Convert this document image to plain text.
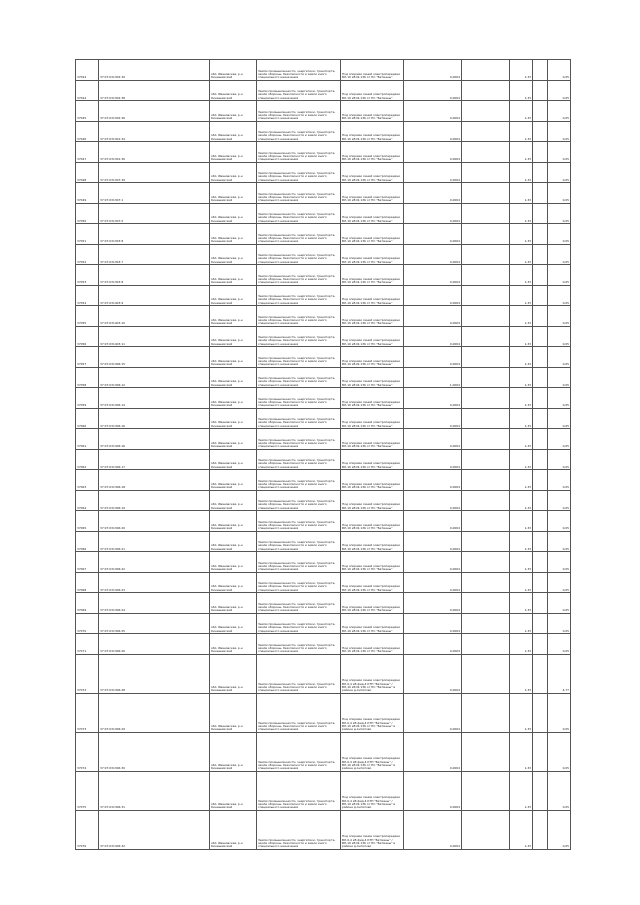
37044	37:07:031302:39	обл. Ивановская, р-н Кинешемский	Земли промышленности, энергетики, транспорта, земли обороны, безопасности и земли иного специального назначения	Под опорами линий электропередачи ВЛ-10 кВ № 136 от ПС "Батманы"	0,0004		1,33		0,05
37044	37:07:031302:38	обл. Ивановская, р-н Кинешемский	Земли промышленности, энергетики, транспорта, земли обороны, безопасности и земли иного специального назначения	Под опорами линий электропередачи ВЛ-10 кВ № 136 от ПС "Батманы"	0,0004		1,33		0,05
37045	37:07:031302:36	обл. Ивановская, р-н Кинешемский	Земли промышленности, энергетики, транспорта, земли обороны, безопасности и земли иного специального назначения	Под опорами линий электропередачи ВЛ-10 кВ № 136 от ПС "Батманы"	0,0004		1,33		0,05
37046	37:07:031301:34	обл. Ивановская, р-н Кинешемский	Земли промышленности, энергетики, транспорта, земли обороны, безопасности и земли иного специального назначения	Под опорами линий электропередачи ВЛ-10 кВ № 136 от ПС "Батманы"	0,0004		1,33		0,05
37047	37:07:031301:36	обл. Ивановская, р-н Кинешемский	Земли промышленности, энергетики, транспорта, земли обороны, безопасности и земли иного специального назначения	Под опорами линий электропередачи ВЛ-10 кВ № 136 от ПС "Батманы"	0,0004		1,33		0,05
37048	37:07:031307:39	обл. Ивановская, р-н Кинешемский	Земли промышленности, энергетики, транспорта, земли обороны, безопасности и земли иного специального назначения	Под опорами линий электропередачи ВЛ-10 кВ № 136 от ПС "Батманы"	0,0004		1,33		0,05
37049	37:07:031307:1	обл. Ивановская, р-н Кинешемский	Земли промышленности, энергетики, транспорта, земли обороны, безопасности и земли иного специального назначения	Под опорами линий электропередачи ВЛ-10 кВ № 136 от ПС "Батманы"	0,0004		1,33		0,05
37050	37:07:031307:5	обл. Ивановская, р-н Кинешемский	Земли промышленности, энергетики, транспорта, земли обороны, безопасности и земли иного специального назначения	Под опорами линий электропередачи ВЛ-10 кВ № 136 от ПС "Батманы"	0,0004		1,33		0,05
37051	37:07:031303:8	обл. Ивановская, р-н Кинешемский	Земли промышленности, энергетики, транспорта, земли обороны, безопасности и земли иного специального назначения	Под опорами линий электропередачи ВЛ-10 кВ № 136 от ПС "Батманы"	0,0004		1,33		0,05
37052	37:07:031303:7	обл. Ивановская, р-н Кинешемский	Земли промышленности, энергетики, транспорта, земли обороны, безопасности и земли иного специального назначения	Под опорами линий электропередачи ВЛ-10 кВ № 136 от ПС "Батманы"	0,0004		1,33		0,05
37053	37:07:031303:8	обл. Ивановская, р-н Кинешемский	Земли промышленности, энергетики, транспорта, земли обороны, безопасности и земли иного специального назначения	Под опорами линий электропередачи ВЛ-10 кВ № 136 от ПС "Батманы"	0,0004		1,33		0,05
37054	37:07:031403:9	обл. Ивановская, р-н Кинешемский	Земли промышленности, энергетики, транспорта, земли обороны, безопасности и земли иного специального назначения	Под опорами линий электропередачи ВЛ-10 кВ № 136 от ПС "Батманы"	0,0004		1,33		0,05
37055	37:07:031403:10	обл. Ивановская, р-н Кинешемский	Земли промышленности, энергетики, транспорта, земли обороны, безопасности и земли иного специального назначения	Под опорами линий электропередачи ВЛ-10 кВ № 136 от ПС "Батманы"	0,0004		1,33		0,05
37056	37:07:031403:11	обл. Ивановская, р-н Кинешемский	Земли промышленности, энергетики, транспорта, земли обороны, безопасности и земли иного специального назначения	Под опорами линий электропередачи ВЛ-10 кВ № 136 от ПС "Батманы"	0,0004		1,33		0,05
37057	37:07:031306:15	обл. Ивановская, р-н Кинешемский	Земли промышленности, энергетики, транспорта, земли обороны, безопасности и земли иного специального назначения	Под опорами линий электропередачи ВЛ-10 кВ № 136 от ПС "Батманы"	0,0004		1,33		0,05
37058	37:07:031306:12	обл. Ивановская, р-н Кинешемский	Земли промышленности, энергетики, транспорта, земли обороны, безопасности и земли иного специального назначения	Под опорами линий электропередачи ВЛ-10 кВ № 136 от ПС "Батманы"	1,0004		1,33		0,05
37059	37:07:031306:14	обл. Ивановская, р-н Кинешемский	Земли промышленности, энергетики, транспорта, земли обороны, безопасности и земли иного специального назначения	Под опорами линий электропередачи ВЛ-10 кВ № 136 от ПС "Батманы"	0,0004		1,33		0,05
37060	37:07:031306:16	обл. Ивановская, р-н Кинешемский	Земли промышленности, энергетики, транспорта, земли обороны, безопасности и земли иного специального назначения	Под опорами линий электропередачи ВЛ-10 кВ № 136 от ПС "Батманы"	0,0004		1,33		0,05
37061	37:07:031306:16	обл. Ивановская, р-н Кинешемский	Земли промышленности, энергетики, транспорта, земли обороны, безопасности и земли иного специального назначения	Под опорами линий электропередачи ВЛ-10 кВ № 136 от ПС "Батманы"	0,0004		1,33		0,05
37062	37:07:031306:17	обл. Ивановская, р-н Кинешемский	Земли промышленности, энергетики, транспорта, земли обороны, безопасности и земли иного специального назначения	Под опорами линий электропередачи ВЛ-10 кВ № 136 от ПС "Батманы"	0,0004		1,33		0,05
37063	37:07:031306:18	обл. Ивановская, р-н Кинешемский	Земли промышленности, энергетики, транспорта, земли обороны, безопасности и земли иного специального назначения	Под опорами линий электропередачи ВЛ-10 кВ № 136 от ПС "Батманы"	0,0004		1,33		0,05
37064	37:07:031306:19	обл. Ивановская, р-н Кинешемский	Земли промышленности, энергетики, транспорта, земли обороны, безопасности и земли иного специального назначения	Под опорами линий электропередачи ВЛ-10 кВ № 136 от ПС "Батманы"	0,0004		1,33		0,05
37065	37:07:031306:20	обл. Ивановская, р-н Кинешемский	Земли промышленности, энергетики, транспорта, земли обороны, безопасности и земли иного специального назначения	Под опорами линий электропередачи ВЛ-10 кВ № 136 от ПС "Батманы"	0,0004		1,33		0,05
37066	37:07:031306:21	обл. Ивановская, р-н Кинешемский	Земли промышленности, энергетики, транспорта, земли обороны, безопасности и земли иного специального назначения	Под опорами линий электропередачи ВЛ-10 кВ № 136 от ПС "Батманы"	0,0004		1,33		0,05
37067	37:07:031306:22	обл. Ивановская, р-н Кинешемский	Земли промышленности, энергетики, транспорта, земли обороны, безопасности и земли иного специального назначения	Под опорами линий электропередачи ВЛ-10 кВ № 136 от ПС "Батманы"	0,0004		1,33		0,05
37068	37:07:031306:23	обл. Ивановская, р-н Кинешемский	Земли промышленности, энергетики, транспорта, земли обороны, безопасности и земли иного специального назначения	Под опорами линий электропередачи ВЛ-10 кВ № 136 от ПС "Батманы"	0,0004		1,33		0,05
37069	37:07:031306:24	обл. Ивановская, р-н Кинешемский	Земли промышленности, энергетики, транспорта, земли обороны, безопасности и земли иного специального назначения	Под опорами линий электропередачи ВЛ-10 кВ № 136 от ПС "Батманы"	0,0004		1,33		0,05
37070	37:07:031306:25	обл. Ивановская, р-н Кинешемский	Земли промышленности, энергетики, транспорта, земли обороны, безопасности и земли иного специального назначения	Под опорами линий электропередачи ВЛ-10 кВ № 136 от ПС "Батманы"	0,0004		1,33		0,05
37071	37:07:031306:26	обл. Ивановская, р-н Кинешемский	Земли промышленности, энергетики, транспорта, земли обороны, безопасности и земли иного специального назначения	Под опорами линий электропередачи ВЛ-10 кВ № 136 от ПС "Батманы"	0,0004		1,33		0,05
37072	37:07:031306:28	обл. Ивановская, р-н Кинешемский	Земли промышленности, энергетики, транспорта, земли обороны, безопасности и земли иного специального назначения	Под опорами линии электропередачи ВЛ-0,4 кВ фид.4 КТП "Батманы" / ВЛ-10 кВ № 136 от ПС "Батманы" в районе д.Антипово	0,0004		1,33		4,77
37073	37:07:031306:29	обл. Ивановская, р-н Кинешемский	Земли промышленности, энергетики, транспорта, земли обороны, безопасности и земли иного специального назначения	Под опорами линии электропередачи ВЛ-0,4 кВ фид.4 КТП "Батманы" / ВЛ-10 кВ № 136 от ПС "Батманы" в районе д.Антипово	0,0004		1,33		0,05
37074	37:07:031306:30	обл. Ивановская, р-н Кинешемский	Земли промышленности, энергетики, транспорта, земли обороны, безопасности и земли иного специального назначения	Под опорами линии электропередачи ВЛ-0,4 кВ фид.4 КТП "Батманы" / ВЛ-10 кВ № 136 от ПС "Батманы" в районе д.Антипово	0,0004		1,33		0,05
37075	37:07:031306:31	обл. Ивановская, р-н Кинешемский	Земли промышленности, энергетики, транспорта, земли обороны, безопасности и земли иного специального назначения	Под опорами линии электропередачи ВЛ-0,4 кВ фид.4 КТП "Батманы" / ВЛ-10 кВ № 136 от ПС "Батманы" в районе д.Антипово	0,0004		1,33		0,05
37076	37:07:031306:32	обл. Ивановская, р-н Кинешемский	Земли промышленности, энергетики, транспорта, земли обороны, безопасности и земли иного специального назначения	Под опорами линии электропередачи ВЛ-0,4 кВ фид.4 КТП "Батманы" / ВЛ-10 кВ № 136 от ПС "Батманы" в районе д.Антипово	0,0004		1,33		0,05
